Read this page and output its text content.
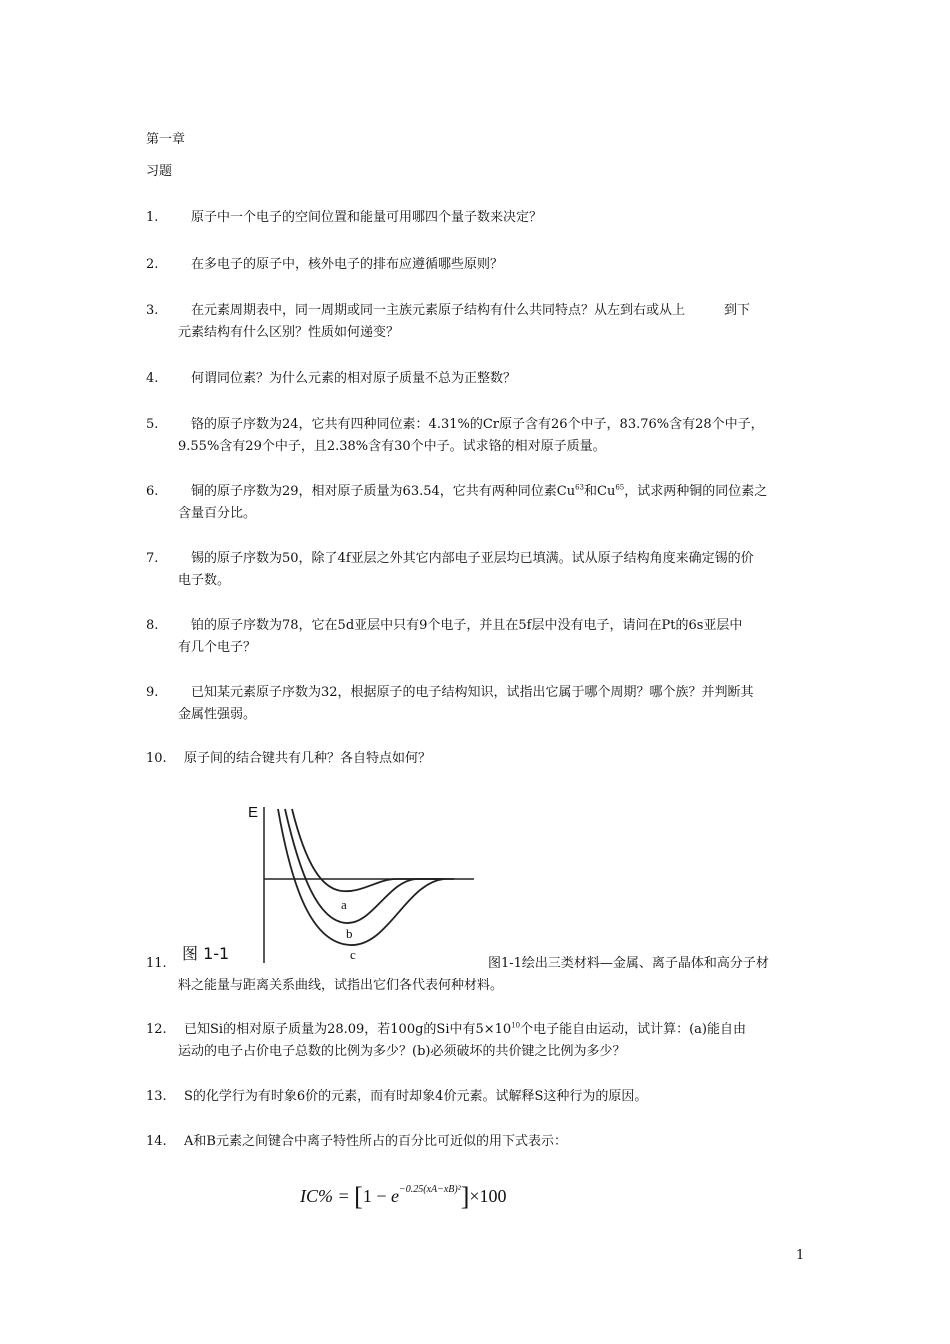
第一章
习题
1.	原子中一个电子的空间位置和能量可用哪四个量子数来决定？
2.	在多电子的原子中，核外电子的排布应遵循哪些原则？
3.	在元素周期表中，同一周期或同一主族元素原子结构有什么共同特点？从左到右或从上　　　到下
元素结构有什么区别？性质如何递变？
4.	何谓同位素？为什么元素的相对原子质量不总为正整数？
5.	铬的原子序数为24，它共有四种同位素：4.31%的Cr原子含有26个中子，83.76%含有28个中子，
9.55%含有29个中子，且2.38%含有30个中子。试求铬的相对原子质量。
6.	铜的原子序数为29，相对原子质量为63.54，它共有两种同位素Cu$^{63}$和Cu$^{65}$，试求两种铜的同位素之
含量百分比。
7.	锡的原子序数为50，除了4f亚层之外其它内部电子亚层均已填满。试从原子结构角度来确定锡的价
电子数。
8.	铂的原子序数为78，它在5d亚层中只有9个电子，并且在5f层中没有电子，请问在Pt的6s亚层中
有几个电子？
9.	已知某元素原子序数为32，根据原子的电子结构知识，试指出它属于哪个周期？哪个族？并判断其
金属性强弱。
10.	原子间的结合键共有几种？各自特点如何？
E
a
b
c
图 1-1
11.	图1-1绘出三类材料—金属、离子晶体和高分子材
料之能量与距离关系曲线，试指出它们各代表何种材料。
12.	已知Si的相对原子质量为28.09，若100g的Si中有$5\times 10^{10}$个电子能自由运动，试计算：(a)能自由
运动的电子占价电子总数的比例为多少？(b)必须破坏的共价键之比例为多少？
13.	S的化学行为有时象6价的元素，而有时却象4价元素。试解释S这种行为的原因。
14.	A和B元素之间键合中离子特性所占的百分比可近似的用下式表示：
$IC\% = [1 - e^{-0.25(xA-xB)^2}]\times 100$
1
